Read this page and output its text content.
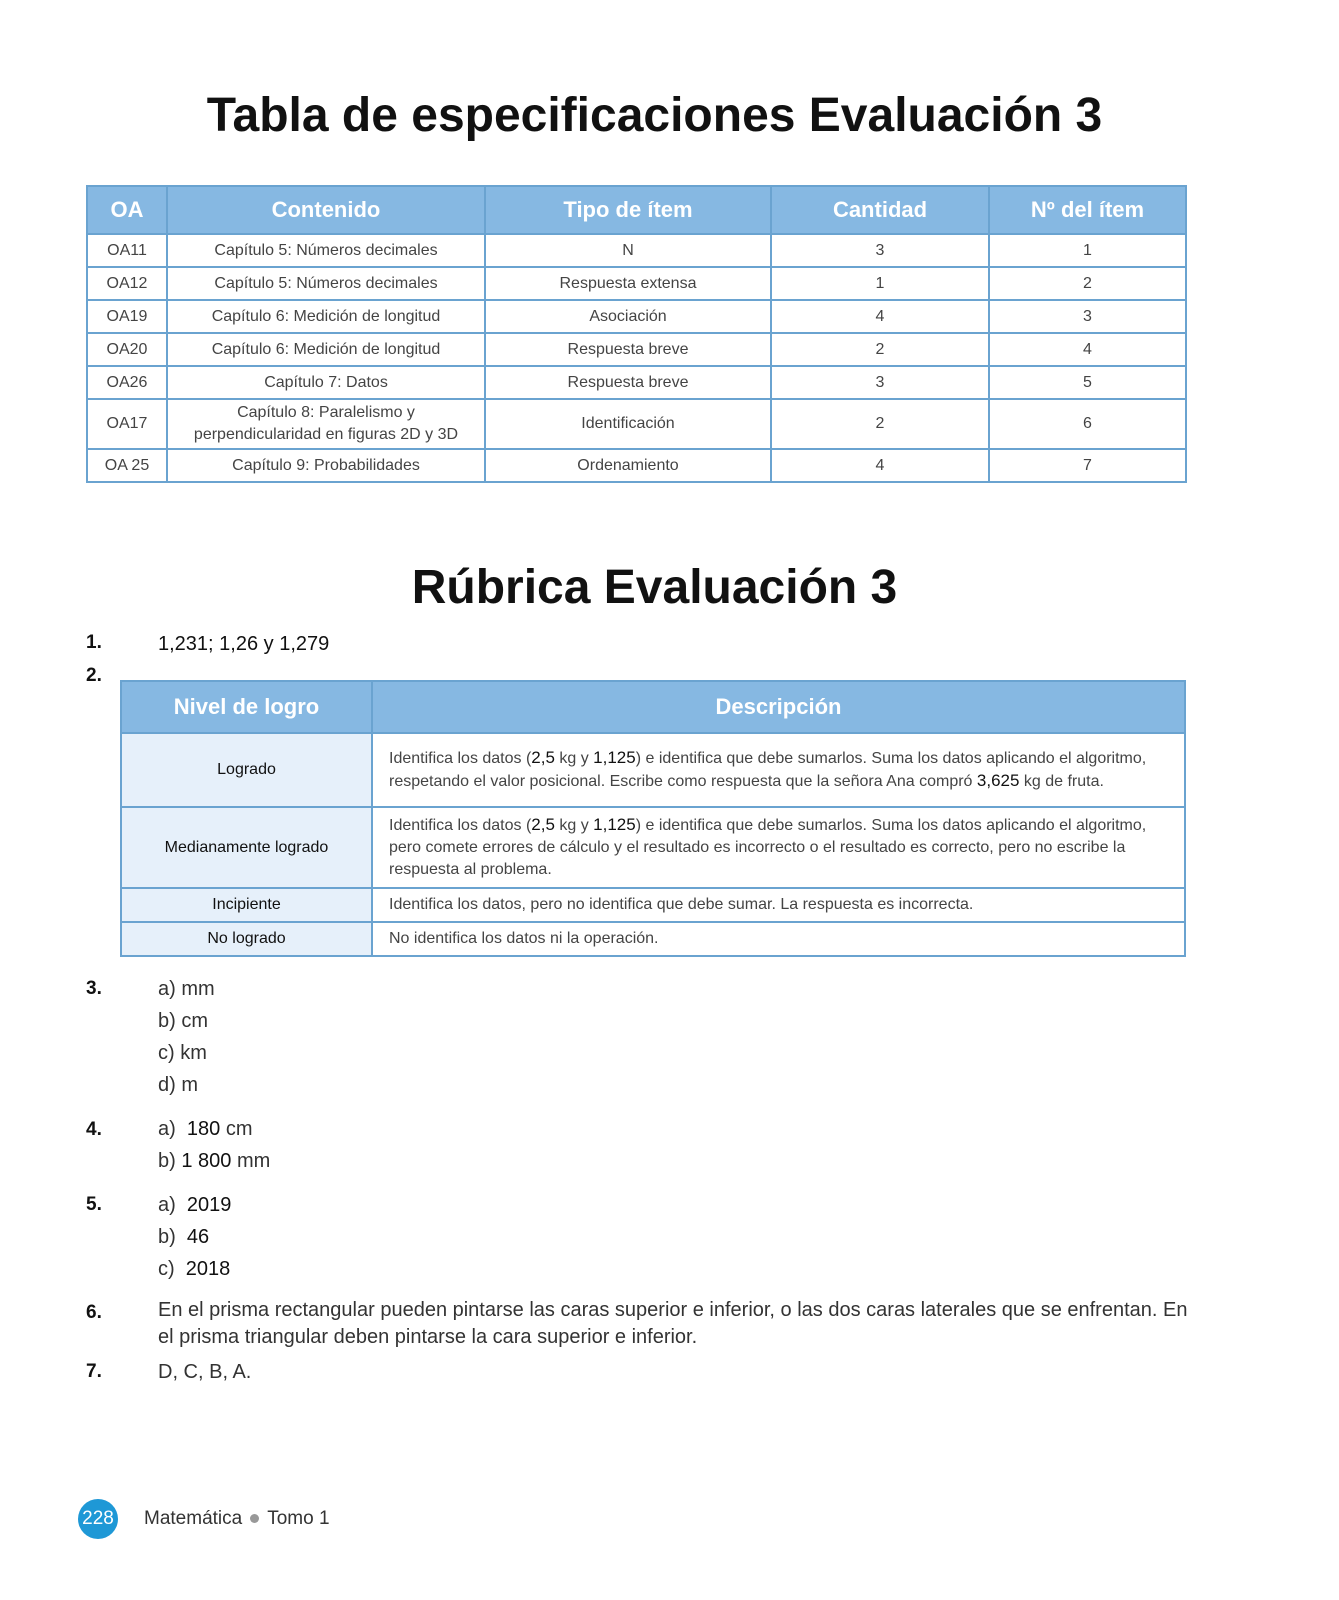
Tabla de especificaciones Evaluación 3
OA	Contenido	Tipo de ítem	Cantidad	Nº del ítem
OA11	Capítulo 5: Números decimales	N	3	1
OA12	Capítulo 5: Números decimales	Respuesta extensa	1	2
OA19	Capítulo 6: Medición de longitud	Asociación	4	3
OA20	Capítulo 6: Medición de longitud	Respuesta breve	2	4
OA26	Capítulo 7: Datos	Respuesta breve	3	5
OA17	Capítulo 8: Paralelismo y
perpendicularidad en figuras 2D y 3D	Identificación	2	6
OA 25	Capítulo 9: Probabilidades	Ordenamiento	4	7
Rúbrica Evaluación 3
1.	1,231; 1,26 y 1,279
2.
Nivel de logro	Descripción
Logrado	Identifica los datos (2,5 kg y 1,125) e identifica que debe sumarlos. Suma los datos aplicando el algoritmo, respetando el valor posicional. Escribe como respuesta que la señora Ana compró 3,625 kg de fruta.
Medianamente logrado	Identifica los datos (2,5 kg y 1,125) e identifica que debe sumarlos. Suma los datos aplicando el algoritmo, pero comete errores de cálculo y el resultado es incorrecto o el resultado es correcto, pero no escribe la respuesta al problema.
Incipiente	Identifica los datos, pero no identifica que debe sumar. La respuesta es incorrecta.
No logrado	No identifica los datos ni la operación.
3.	a) mm
b) cm
c) km
d) m
4.	a) 180 cm
b) 1 800 mm
5.	a) 2019
b) 46
c) 2018
6.	En el prisma rectangular pueden pintarse las caras superior e inferior, o las dos caras laterales que se enfrentan. En el prisma triangular deben pintarse la cara superior e inferior.
7.	D, C, B, A.
228 Matemática Tomo 1
